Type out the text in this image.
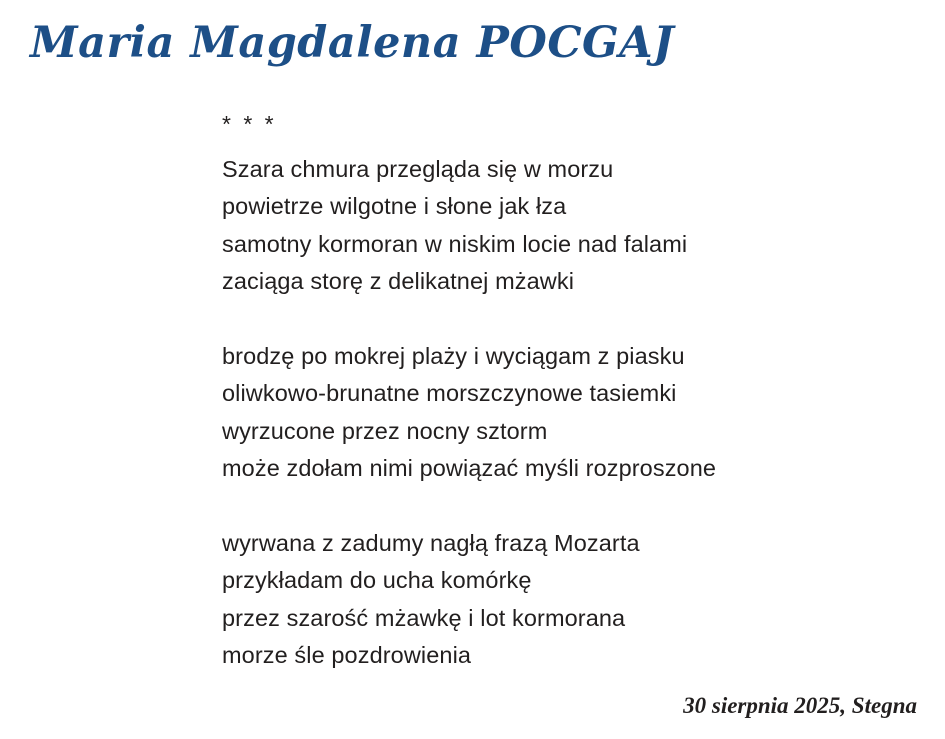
Maria Magdalena POCGAJ
* * *
Szara chmura przegląda się w morzu
powietrze wilgotne i słone jak łza
samotny kormoran w niskim locie nad falami
zaciąga storę z delikatnej mżawki
brodzę po mokrej plaży i wyciągam z piasku
oliwkowo-brunatne morszczynowe tasiemki
wyrzucone przez nocny sztorm
może zdołam nimi powiązać myśli rozproszone
wyrwana z zadumy nagłą frazą Mozarta
przykładam do ucha komórkę
przez szarość mżawkę i lot kormorana
morze śle pozdrowienia
30 sierpnia 2025, Stegna
